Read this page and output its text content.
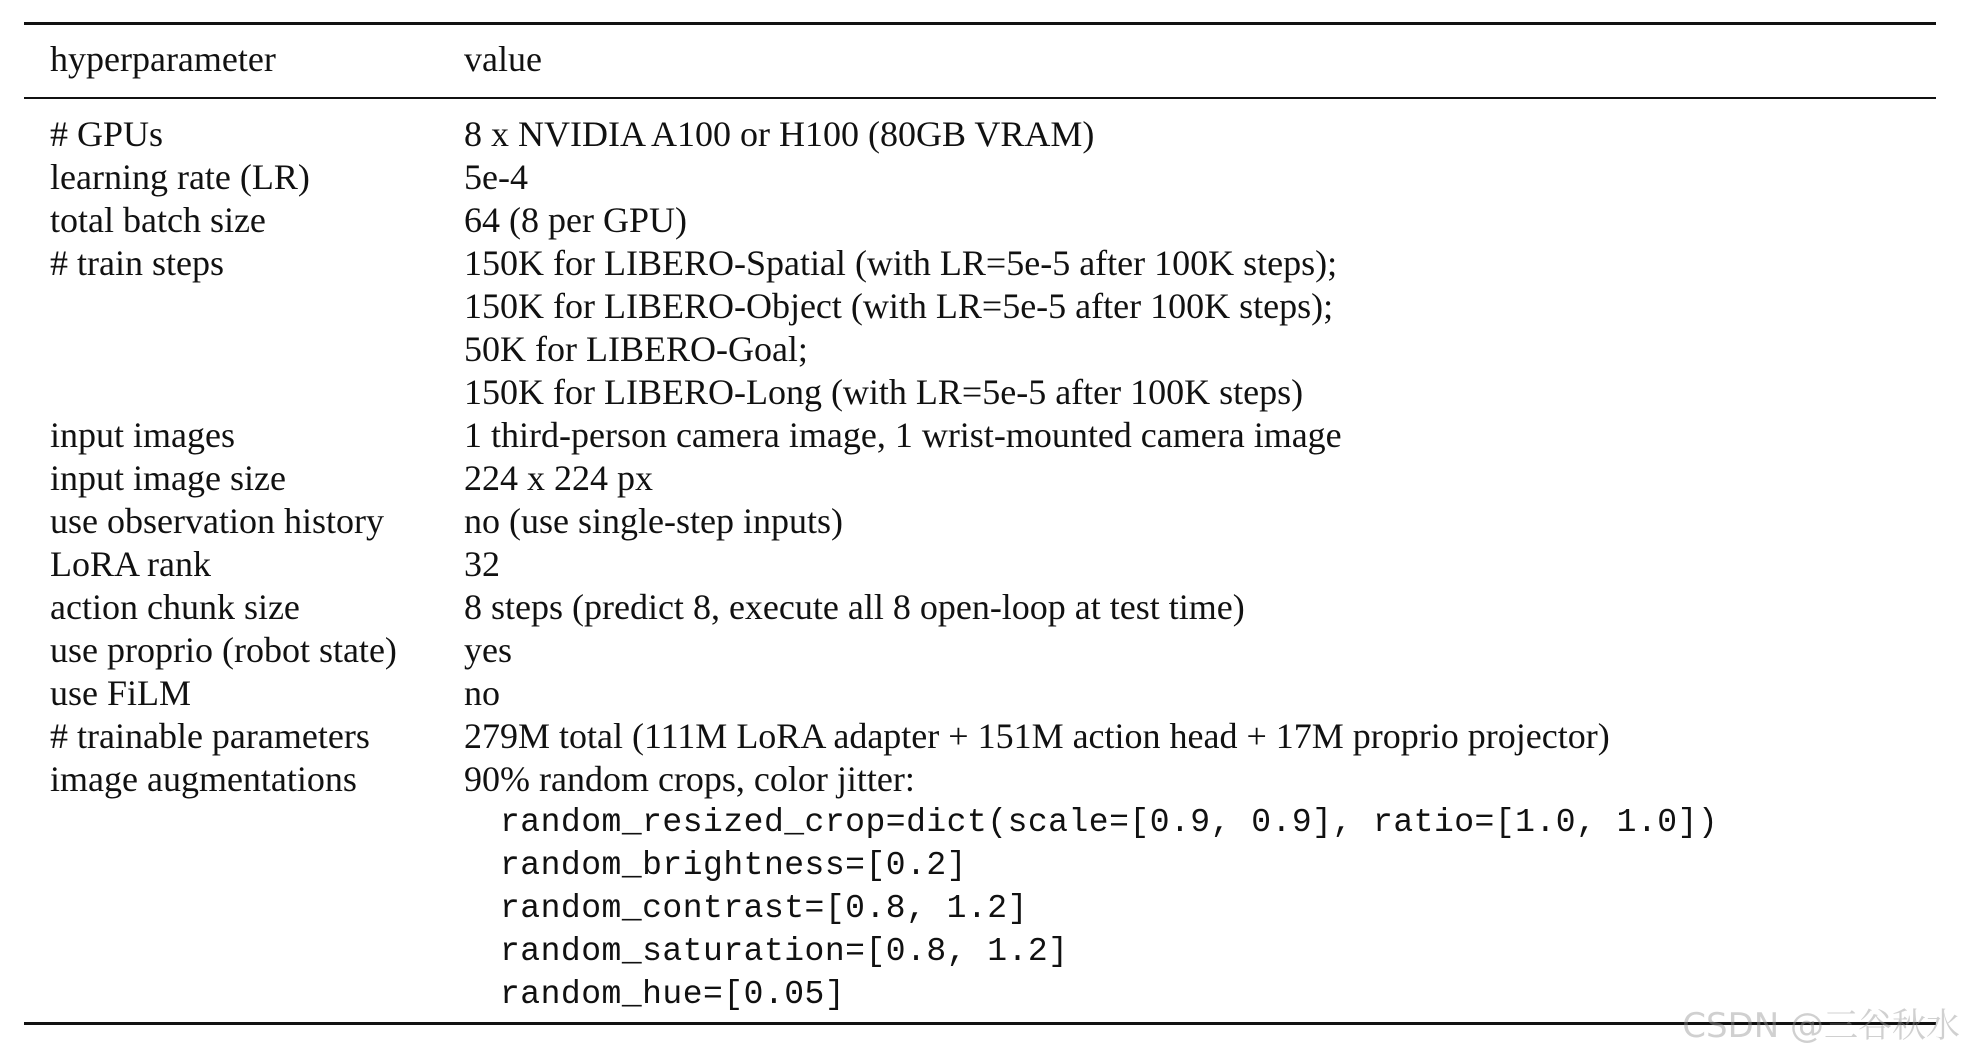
hyperparameter	value
# GPUs	8 x NVIDIA A100 or H100 (80GB VRAM)
learning rate (LR)	5e-4
total batch size	64 (8 per GPU)
# train steps	150K for LIBERO-Spatial (with LR=5e-5 after 100K steps);
150K for LIBERO-Object (with LR=5e-5 after 100K steps);
50K for LIBERO-Goal;
150K for LIBERO-Long (with LR=5e-5 after 100K steps)
input images	1 third-person camera image, 1 wrist-mounted camera image
input image size	224 x 224 px
use observation history	no (use single-step inputs)
LoRA rank	32
action chunk size	8 steps (predict 8, execute all 8 open-loop at test time)
use proprio (robot state)	yes
use FiLM	no
# trainable parameters	279M total (111M LoRA adapter + 151M action head + 17M proprio projector)
image augmentations	90% random crops, color jitter:
random_resized_crop=dict(scale=[0.9, 0.9], ratio=[1.0, 1.0])
random_brightness=[0.2]
random_contrast=[0.8, 1.2]
random_saturation=[0.8, 1.2]
random_hue=[0.05]
CSDN @三谷秋水
